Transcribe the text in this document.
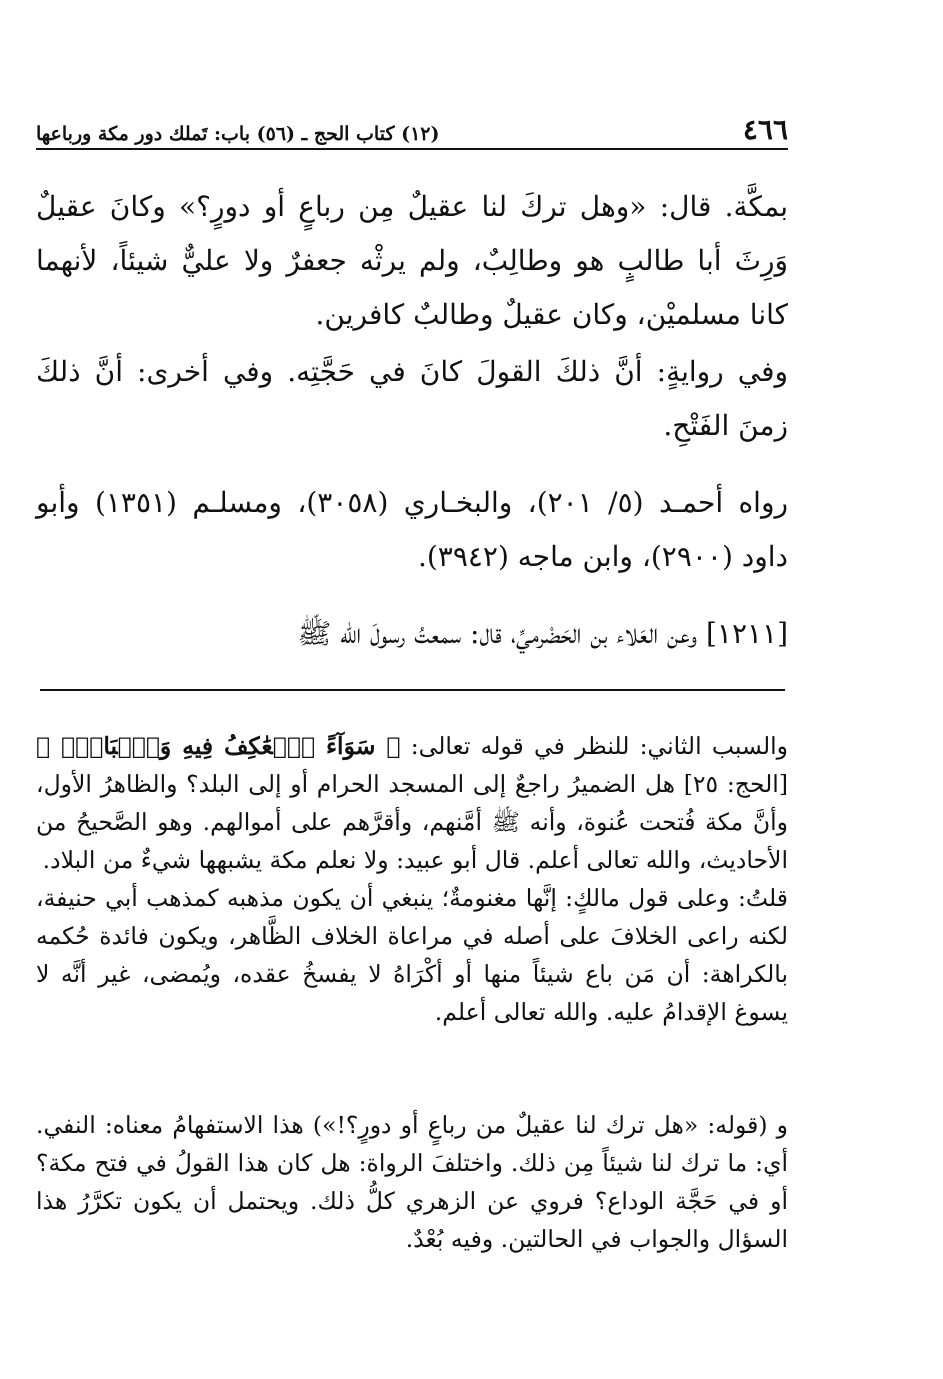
٤٦٦
(١٢) كتاب الحج ـ (٥٦) باب: تَملك دور مكة ورباعها

بمكَّة. قال: «وهل تركَ لنا عقيلٌ مِن رباعٍ أو دورٍ؟» وكانَ عقيلٌ وَرِثَ أبا طالبٍ هو وطالِبٌ، ولم يرثْه جعفرٌ ولا عليٌّ شيئاً، لأنهما كانا مسلميْن، وكان عقيلٌ وطالبٌ كافرين.

وفي روايةٍ: أنَّ ذلكَ القولَ كانَ في حَجَّتِه. وفي أخرى: أنَّ ذلكَ زمنَ الفَتْحِ.

رواه أحمـد (٥/ ٢٠١)، والبخـاري (٣٠٥٨)، ومسلـم (١٣٥١) وأبو داود (٢٩٠٠)، وابن ماجه (٣٩٤٢).

[١٢١١] وعن العَلاء بن الحَضْرميِّ، قال: سمعتُ رسولَ الله ﷺ

والسبب الثاني: للنظر في قوله تعالى: ﴿ سَوَآءً ٱلۡعَٰكِفُ فِيهِ وَٱلۡبَادِۚ ﴾ [الحج: ٢٥] هل الضميرُ راجعٌ إلى المسجد الحرام أو إلى البلد؟ والظاهرُ الأول، وأنَّ مكة فُتحت عُنوة، وأنه ﷺ أمَّنهم، وأقرَّهم على أموالهم. وهو الصَّحيحُ من الأحاديث، والله تعالى أعلم. قال أبو عبيد: ولا نعلم مكة يشبهها شيءٌ من البلاد.

قلتُ: وعلى قول مالكٍ: إنَّها مغنومةٌ؛ ينبغي أن يكون مذهبه كمذهب أبي حنيفة، لكنه راعى الخلافَ على أصله في مراعاة الخلاف الظَّاهر، ويكون فائدة حُكمه بالكراهة: أن مَن باع شيئاً منها أو أكْرَاهُ لا يفسخُ عقده، ويُمضى، غير أنَّه لا يسوغ الإقدامُ عليه. والله تعالى أعلم.

و (قوله: «هل ترك لنا عقيلٌ من رباعٍ أو دورٍ؟!») هذا الاستفهامُ معناه: النفي. أي: ما ترك لنا شيئاً مِن ذلك. واختلفَ الرواة: هل كان هذا القولُ في فتح مكة؟ أو في حَجَّة الوداع؟ فروي عن الزهري كلُّ ذلك. ويحتمل أن يكون تكرَّرُ هذا السؤال والجواب في الحالتين. وفيه بُعْدٌ.
